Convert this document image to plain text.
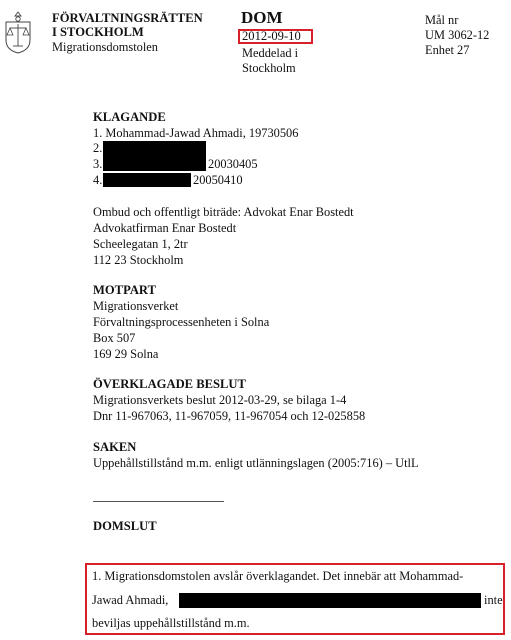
FÖRVALTNINGSRÄTTEN
I STOCKHOLM
Migrationsdomstolen
DOM
2012-09-10
Meddelad i
Stockholm
Mål nr
UM 3062-12
Enhet 27
KLAGANDE
1. Mohammad-Jawad Ahmadi, 19730506
2.
3.	20030405
4.	20050410
Ombud och offentligt biträde: Advokat Enar Bostedt
Advokatfirman Enar Bostedt
Scheelegatan 1, 2tr
112 23 Stockholm
MOTPART
Migrationsverket
Förvaltningsprocessenheten i Solna
Box 507
169 29 Solna
ÖVERKLAGADE BESLUT
Migrationsverkets beslut 2012-03-29, se bilaga 1-4
Dnr 11-967063, 11-967059, 11-967054 och 12-025858
SAKEN
Uppehållstillstånd m.m. enligt utlänningslagen (2005:716) – UtlL
DOMSLUT
1. Migrationsdomstolen avslår överklagandet. Det innebär att Mohammad-
Jawad Ahmadi,	inte
beviljas uppehållstillstånd m.m.
